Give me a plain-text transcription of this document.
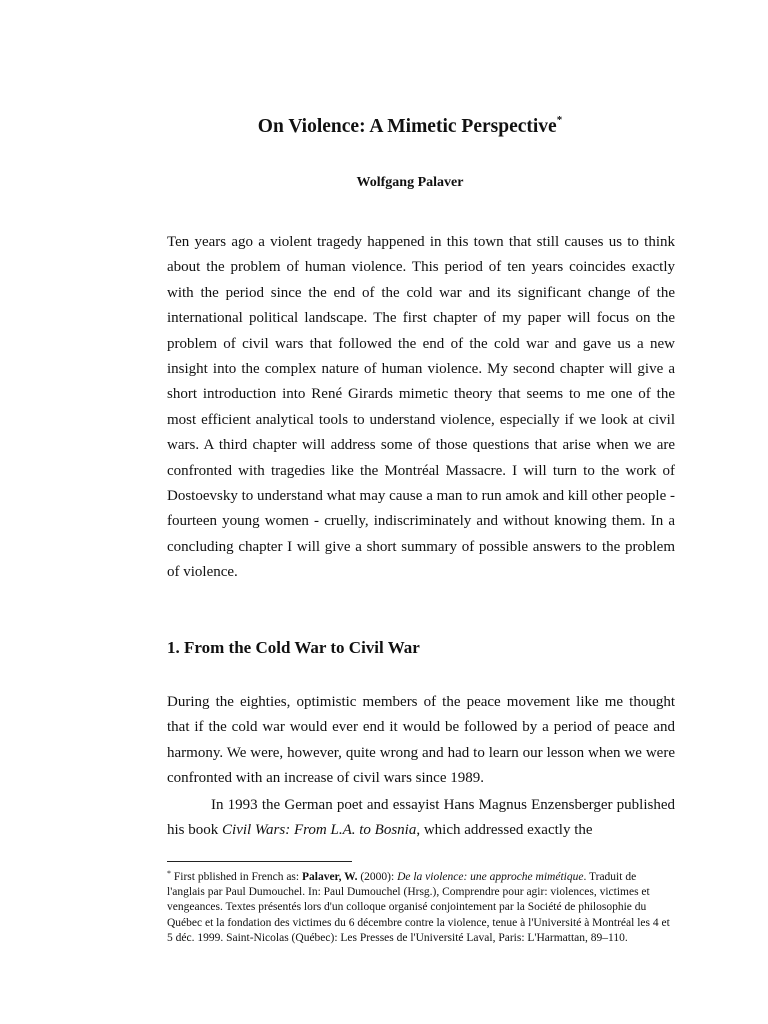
On Violence: A Mimetic Perspective*

Wolfgang Palaver

Ten years ago a violent tragedy happened in this town that still causes us to think about the problem of human violence. This period of ten years coincides exactly with the period since the end of the cold war and its significant change of the international political landscape. The first chapter of my paper will focus on the problem of civil wars that followed the end of the cold war and gave us a new insight into the complex nature of human violence. My second chapter will give a short introduction into René Girards mimetic theory that seems to me one of the most efficient analytical tools to understand violence, especially if we look at civil wars. A third chapter will address some of those questions that arise when we are confronted with tragedies like the Montréal Massacre. I will turn to the work of Dostoevsky to understand what may cause a man to run amok and kill other people - fourteen young women - cruelly, indiscriminately and without knowing them. In a concluding chapter I will give a short summary of possible answers to the problem of violence.

1. From the Cold War to Civil War

During the eighties, optimistic members of the peace movement like me thought that if the cold war would ever end it would be followed by a period of peace and harmony. We were, however, quite wrong and had to learn our lesson when we were confronted with an increase of civil wars since 1989.

In 1993 the German poet and essayist Hans Magnus Enzensberger published his book Civil Wars: From L.A. to Bosnia, which addressed exactly the

* First pblished in French as: Palaver, W. (2000): De la violence: une approche mimétique. Traduit de l'anglais par Paul Dumouchel. In: Paul Dumouchel (Hrsg.), Comprendre pour agir: violences, victimes et vengeances. Textes présentés lors d'un colloque organisé conjointement par la Société de philosophie du Québec et la fondation des victimes du 6 décembre contre la violence, tenue à l'Université à Montréal les 4 et 5 déc. 1999. Saint-Nicolas (Québec): Les Presses de l'Université Laval, Paris: L'Harmattan, 89–110.
